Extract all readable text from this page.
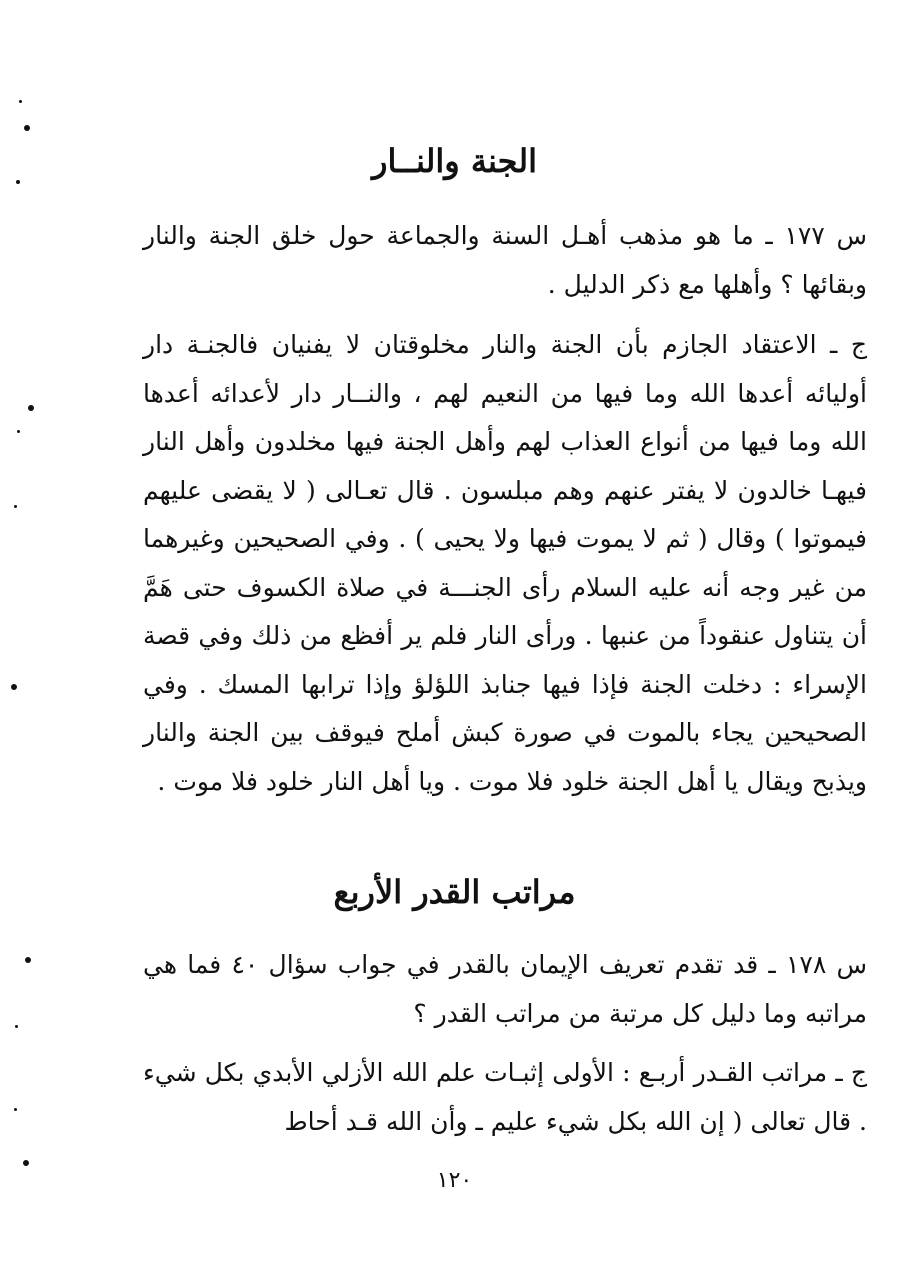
الجنة والنــار

س ١٧٧ ـ ما هو مذهب أهـل السنة والجماعة حول خلق الجنة والنار وبقائها ؟ وأهلها مع ذكر الدليل .

ج ـ الاعتقاد الجازم بأن الجنة والنار مخلوقتان لا يفنيان فالجنـة دار أوليائه أعدها الله وما فيها من النعيم لهم ، والنــار دار لأعدائه أعدها الله وما فيها من أنواع العذاب لهم وأهل الجنة فيها مخلدون وأهل النار فيهـا خالدون لا يفتر عنهم وهم مبلسون . قال تعـالى ( لا يقضى عليهم فيموتوا ) وقال ( ثم لا يموت فيها ولا يحيى ) . وفي الصحيحين وغيرهما من غير وجه أنه عليه السلام رأى الجنـــة في صلاة الكسوف حتى هَمَّ أن يتناول عنقوداً من عنبها . ورأى النار فلم ير أفظع من ذلك وفي قصة الإسراء : دخلت الجنة فإذا فيها جنابذ اللؤلؤ وإذا ترابها المسك . وفي الصحيحين يجاء بالموت في صورة كبش أملح فيوقف بين الجنة والنار ويذبح ويقال يا أهل الجنة خلود فلا موت . ويا أهل النار خلود فلا موت .

مراتب القدر الأربع

س ١٧٨ ـ قد تقدم تعريف الإيمان بالقدر في جواب سؤال ٤٠ فما هي مراتبه وما دليل كل مرتبة من مراتب القدر ؟

ج ـ مراتب القـدر أربـع : الأولى إثبـات علم الله الأزلي الأبدي بكل شيء . قال تعالى ( إن الله بكل شيء عليم ـ وأن الله قـد أحاط

١٢٠
